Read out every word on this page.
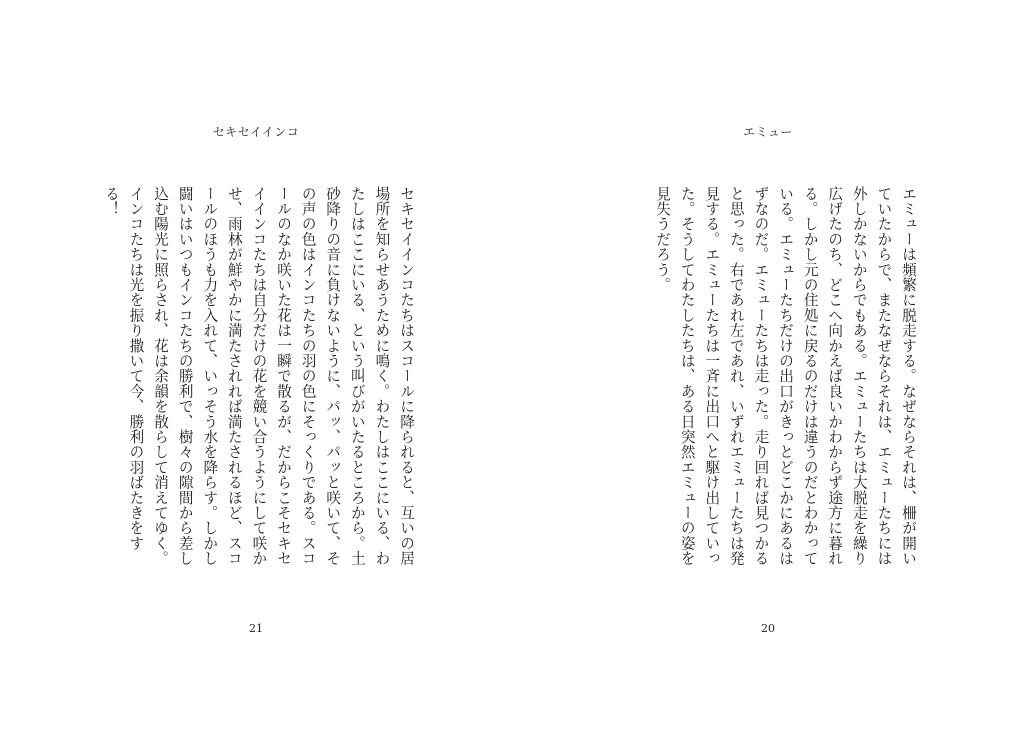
セキセイインコ

セキセイインコたちはスコールに降られると、互いの居場所を知らせあうために鳴く。わたしはここにいる、わたしはここにいる、という叫びがいたるところから。土砂降りの音に負けないように、パッ、パッと咲いて、その声の色はインコたちの羽の色にそっくりである。スコールのなか咲いた花は一瞬で散るが、だからこそセキセイインコたちは自分だけの花を競い合うようにして咲かせ、雨林が鮮やかに満たされれば満たされるほど、スコールのほうも力を入れて、いっそう水を降らす。しかし闘いはいつもインコたちの勝利で、樹々の隙間から差し込む陽光に照らされ、花は余韻を散らして消えてゆく。インコたちは光を振り撒いて今、勝利の羽ばたきをする！

21
エミュー

エミューは頻繁に脱走する。なぜならそれは、柵が開いていたからで、またなぜならそれは、エミューたちには外しかないからでもある。エミューたちは大脱走を繰り広げたのち、どこへ向かえば良いかわからず途方に暮れる。しかし元の住処に戻るのだけは違うのだとわかっている。エミューたちだけの出口がきっとどこかにあるはずなのだ。エミューたちは走った。走り回れば見つかると思った。右であれ左であれ、いずれエミューたちは発見する。エミューたちは一斉に出口へと駆け出していった。そうしてわたしたちは、ある日突然エミューの姿を見失うだろう。

20
